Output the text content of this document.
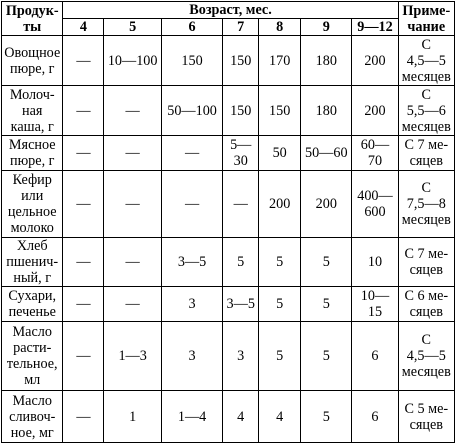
Продук-
ты	Возраст, мес.							Приме-
чание
	4	5	6	7	8	9	9—12	
Овощное
пюре, г	—	10—100	150	150	170	180	200	С
4,5—5
месяцев
Молоч-
ная
каша, г	—	—	50—100	150	150	180	200	С
5,5—6
месяцев
Мясное
пюре, г	—	—	—	5—30	50	50—60	60—
70	С 7 ме-
сяцев
Кефир
или
цельное
молоко	—	—	—	—	200	200	400—
600	С
7,5—8
месяцев
Хлеб
пшенич-
ный, г	—	—	3—5	5	5	5	10	С 7 ме-
сяцев
Сухари,
печенье	—	—	3	3—5	5	5	10—
15	С 6 ме-
сяцев
Масло
расти-
тельное,
мл	—	1—3	3	3	5	5	6	С
4,5—5
месяцев
Масло
сливоч-
ное, мг	—	1	1—4	4	4	5	6	С 5 ме-
сяцев
